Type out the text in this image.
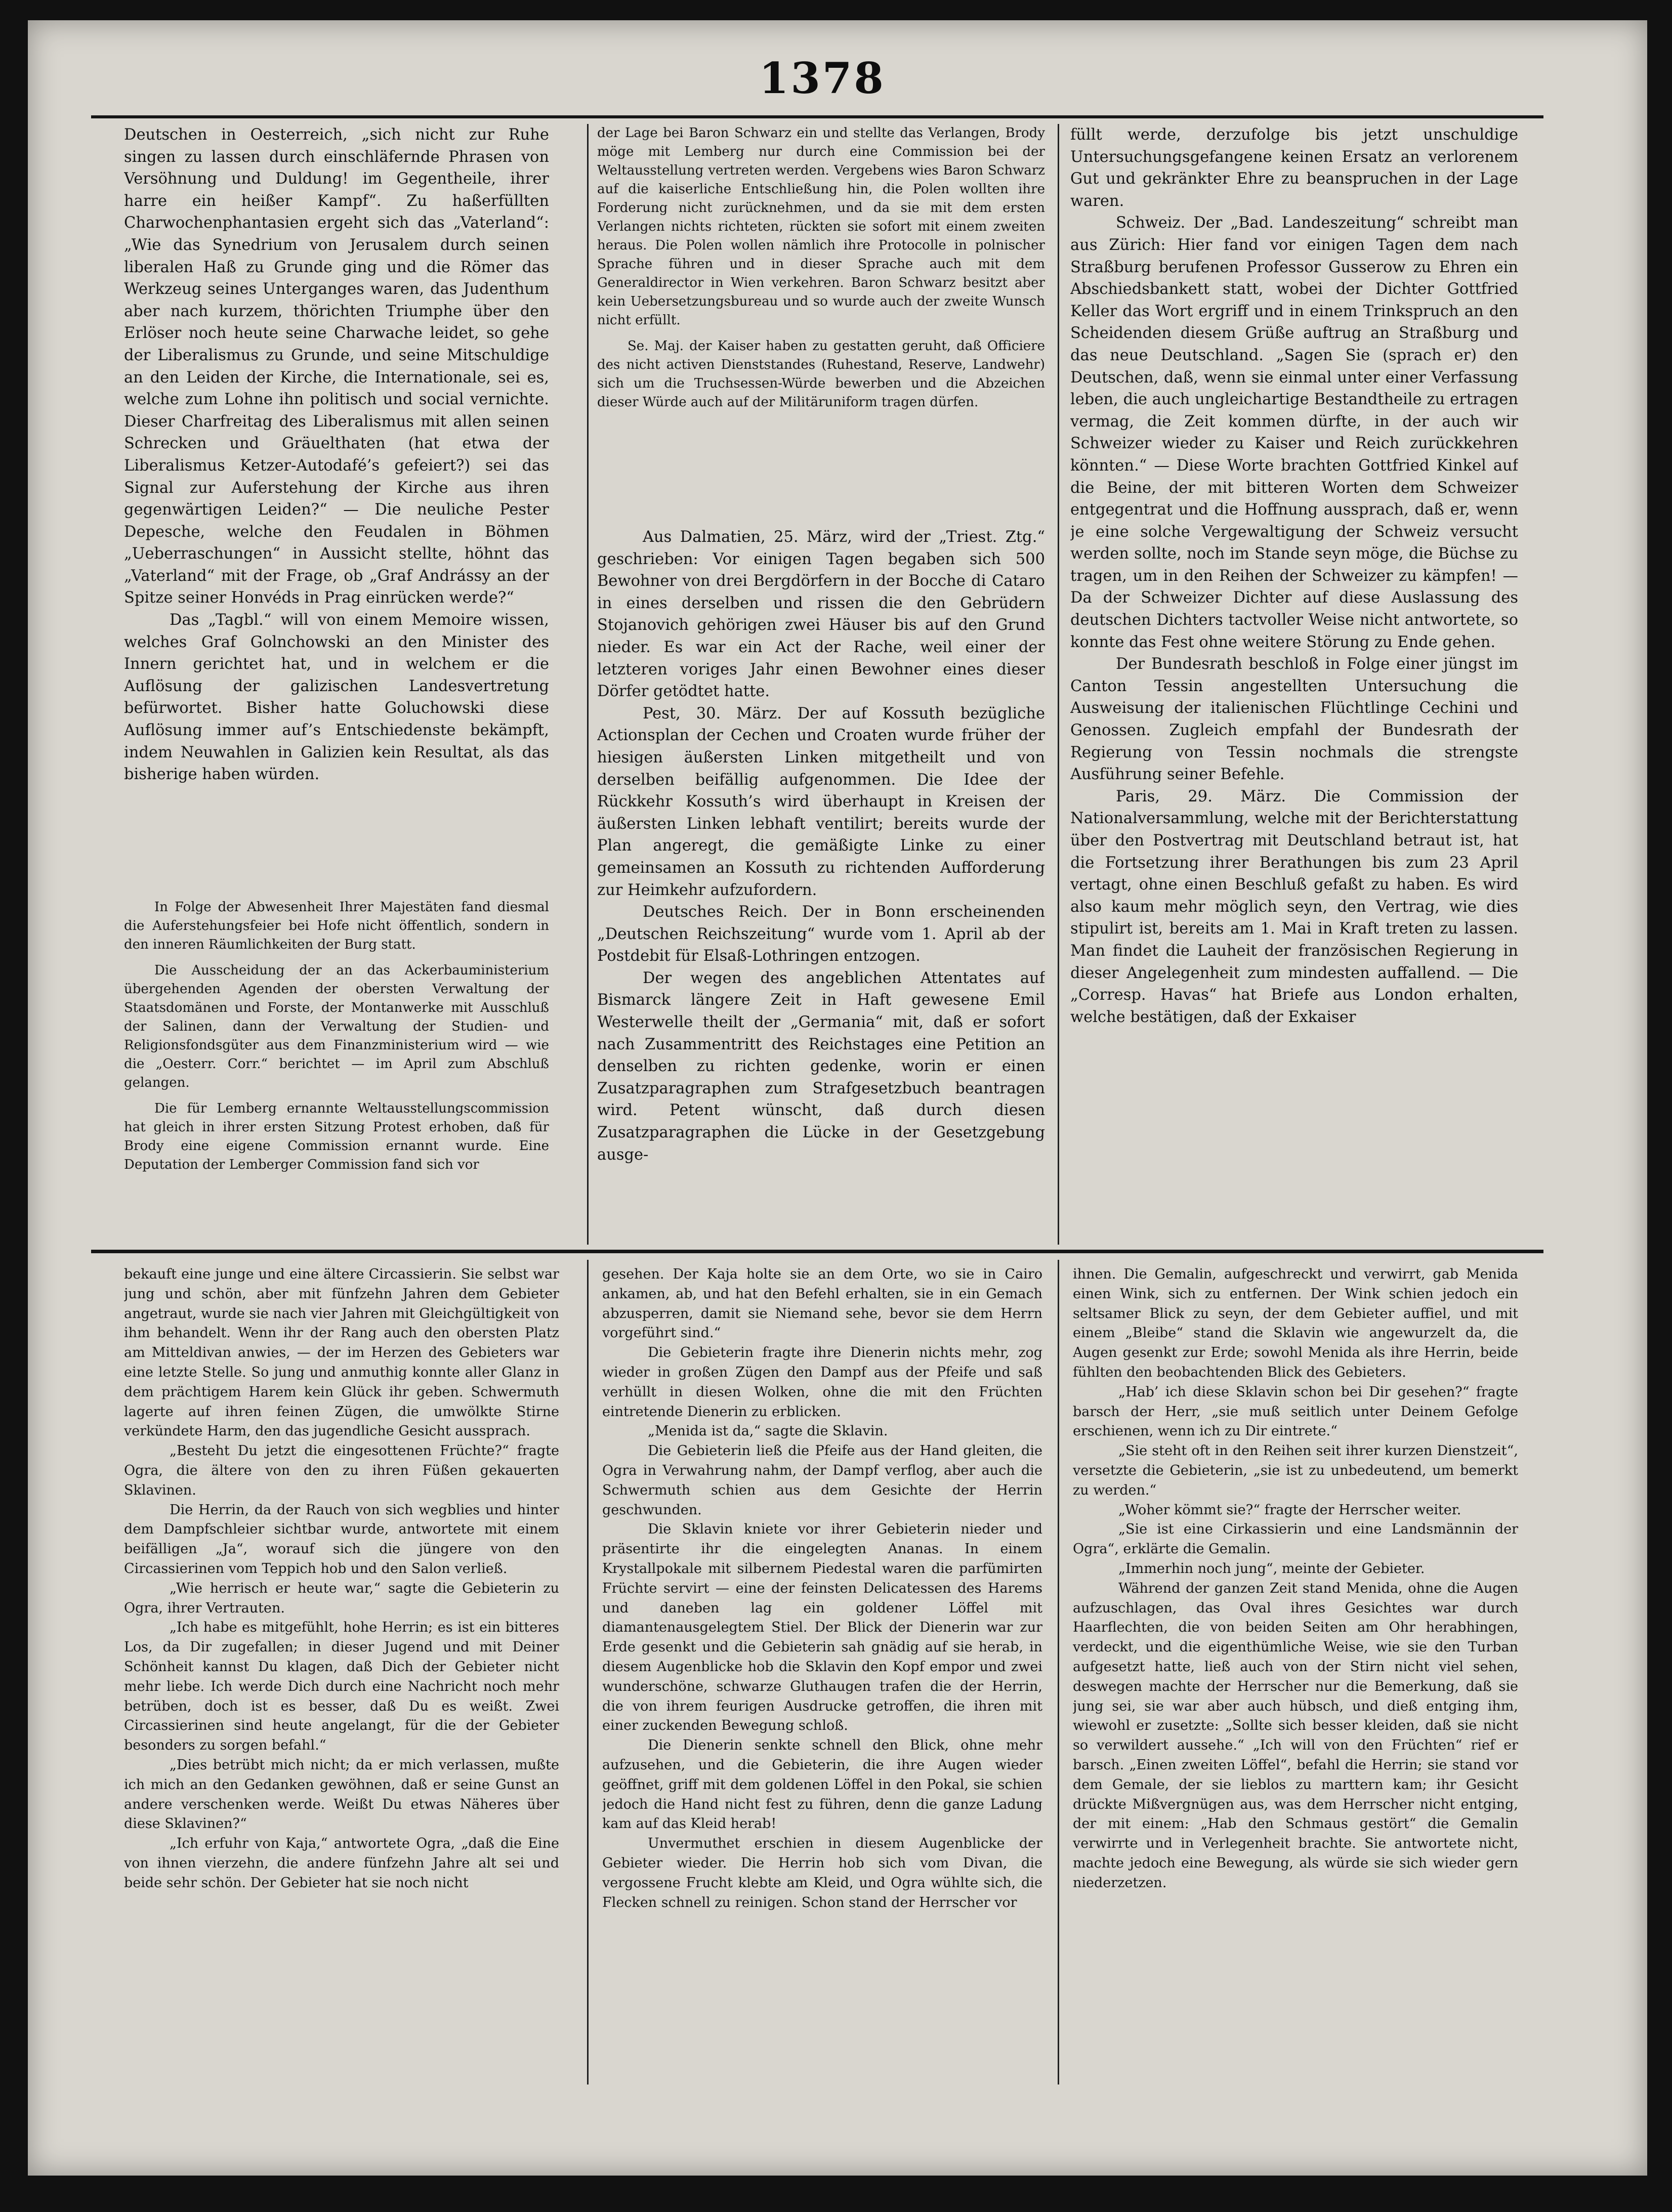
1378

Deutschen in Oesterreich, „sich nicht zur Ruhe singen zu lassen durch einschläfernde Phrasen von Versöhnung und Duldung! im Gegentheile, ihrer harre ein heißer Kampf“. Zu haßerfüllten Charwochenphantasien ergeht sich das „Vaterland“: „Wie das Synedrium von Jerusalem durch seinen liberalen Haß zu Grunde ging und die Römer das Werkzeug seines Unterganges waren, das Judenthum aber nach kurzem, thörichten Triumphe über den Erlöser noch heute seine Charwache leidet, so gehe der Liberalismus zu Grunde, und seine Mitschuldige an den Leiden der Kirche, die Internationale, sei es, welche zum Lohne ihn politisch und social vernichte. Dieser Charfreitag des Liberalismus mit allen seinen Schrecken und Gräuelthaten (hat etwa der Liberalismus Ketzer-Autodafé’s gefeiert?) sei das Signal zur Auferstehung der Kirche aus ihren gegenwärtigen Leiden?“ — Die neuliche Pester Depesche, welche den Feudalen in Böhmen „Ueberraschungen“ in Aussicht stellte, höhnt das „Vaterland“ mit der Frage, ob „Graf Andrássy an der Spitze seiner Honvéds in Prag einrücken werde?“

Das „Tagbl.“ will von einem Memoire wissen, welches Graf Golnchowski an den Minister des Innern gerichtet hat, und in welchem er die Auflösung der galizischen Landesvertretung befürwortet. Bisher hatte Goluchowski diese Auflösung immer auf’s Entschiedenste bekämpft, indem Neuwahlen in Galizien kein Resultat, als das bisherige haben würden.

In Folge der Abwesenheit Ihrer Majestäten fand diesmal die Auferstehungsfeier bei Hofe nicht öffentlich, sondern in den inneren Räumlichkeiten der Burg statt.

Die Ausscheidung der an das Ackerbauministerium übergehenden Agenden der obersten Verwaltung der Staatsdomänen und Forste, der Montanwerke mit Ausschluß der Salinen, dann der Verwaltung der Studien- und Religionsfondsgüter aus dem Finanzministerium wird — wie die „Oesterr. Corr.“ berichtet — im April zum Abschluß gelangen.

Die für Lemberg ernannte Weltausstellungscommission hat gleich in ihrer ersten Sitzung Protest erhoben, daß für Brody eine eigene Commission ernannt wurde. Eine Deputation der Lemberger Commission fand sich vor

der Lage bei Baron Schwarz ein und stellte das Verlangen, Brody möge mit Lemberg nur durch eine Commission bei der Weltausstellung vertreten werden. Vergebens wies Baron Schwarz auf die kaiserliche Entschließung hin, die Polen wollten ihre Forderung nicht zurücknehmen, und da sie mit dem ersten Verlangen nichts richteten, rückten sie sofort mit einem zweiten heraus. Die Polen wollen nämlich ihre Protocolle in polnischer Sprache führen und in dieser Sprache auch mit dem Generaldirector in Wien verkehren. Baron Schwarz besitzt aber kein Uebersetzungsbureau und so wurde auch der zweite Wunsch nicht erfüllt.

Se. Maj. der Kaiser haben zu gestatten geruht, daß Officiere des nicht activen Dienststandes (Ruhestand, Reserve, Landwehr) sich um die Truchsessen-Würde bewerben und die Abzeichen dieser Würde auch auf der Militäruniform tragen dürfen.

Aus Dalmatien, 25. März, wird der „Triest. Ztg.“ geschrieben: Vor einigen Tagen begaben sich 500 Bewohner von drei Bergdörfern in der Bocche di Cataro in eines derselben und rissen die den Gebrüdern Stojanovich gehörigen zwei Häuser bis auf den Grund nieder. Es war ein Act der Rache, weil einer der letzteren voriges Jahr einen Bewohner eines dieser Dörfer getödtet hatte.

Pest, 30. März. Der auf Kossuth bezügliche Actionsplan der Cechen und Croaten wurde früher der hiesigen äußersten Linken mitgetheilt und von derselben beifällig aufgenommen. Die Idee der Rückkehr Kossuth’s wird überhaupt in Kreisen der äußersten Linken lebhaft ventilirt; bereits wurde der Plan angeregt, die gemäßigte Linke zu einer gemeinsamen an Kossuth zu richtenden Aufforderung zur Heimkehr aufzufordern.

Deutsches Reich. Der in Bonn erscheinenden „Deutschen Reichszeitung“ wurde vom 1. April ab der Postdebit für Elsaß-Lothringen entzogen.

Der wegen des angeblichen Attentates auf Bismarck längere Zeit in Haft gewesene Emil Westerwelle theilt der „Germania“ mit, daß er sofort nach Zusammentritt des Reichstages eine Petition an denselben zu richten gedenke, worin er einen Zusatzparagraphen zum Strafgesetzbuch beantragen wird. Petent wünscht, daß durch diesen Zusatzparagraphen die Lücke in der Gesetzgebung ausge-

füllt werde, derzufolge bis jetzt unschuldige Untersuchungsgefangene keinen Ersatz an verlorenem Gut und gekränkter Ehre zu beanspruchen in der Lage waren.

Schweiz. Der „Bad. Landeszeitung“ schreibt man aus Zürich: Hier fand vor einigen Tagen dem nach Straßburg berufenen Professor Gusserow zu Ehren ein Abschiedsbankett statt, wobei der Dichter Gottfried Keller das Wort ergriff und in einem Trinkspruch an den Scheidenden diesem Grüße auftrug an Straßburg und das neue Deutschland. „Sagen Sie (sprach er) den Deutschen, daß, wenn sie einmal unter einer Verfassung leben, die auch ungleichartige Bestandtheile zu ertragen vermag, die Zeit kommen dürfte, in der auch wir Schweizer wieder zu Kaiser und Reich zurückkehren könnten.“ — Diese Worte brachten Gottfried Kinkel auf die Beine, der mit bitteren Worten dem Schweizer entgegentrat und die Hoffnung aussprach, daß er, wenn je eine solche Vergewaltigung der Schweiz versucht werden sollte, noch im Stande seyn möge, die Büchse zu tragen, um in den Reihen der Schweizer zu kämpfen! — Da der Schweizer Dichter auf diese Auslassung des deutschen Dichters tactvoller Weise nicht antwortete, so konnte das Fest ohne weitere Störung zu Ende gehen.

Der Bundesrath beschloß in Folge einer jüngst im Canton Tessin angestellten Untersuchung die Ausweisung der italienischen Flüchtlinge Cechini und Genossen. Zugleich empfahl der Bundesrath der Regierung von Tessin nochmals die strengste Ausführung seiner Befehle.

Paris, 29. März. Die Commission der Nationalversammlung, welche mit der Berichterstattung über den Postvertrag mit Deutschland betraut ist, hat die Fortsetzung ihrer Berathungen bis zum 23 April vertagt, ohne einen Beschluß gefaßt zu haben. Es wird also kaum mehr möglich seyn, den Vertrag, wie dies stipulirt ist, bereits am 1. Mai in Kraft treten zu lassen. Man findet die Lauheit der französischen Regierung in dieser Angelegenheit zum mindesten auffallend. — Die „Corresp. Havas“ hat Briefe aus London erhalten, welche bestätigen, daß der Exkaiser

bekauft eine junge und eine ältere Circassierin. Sie selbst war jung und schön, aber mit fünfzehn Jahren dem Gebieter angetraut, wurde sie nach vier Jahren mit Gleichgültigkeit von ihm behandelt. Wenn ihr der Rang auch den obersten Platz am Mitteldivan anwies, — der im Herzen des Gebieters war eine letzte Stelle. So jung und anmuthig konnte aller Glanz in dem prächtigem Harem kein Glück ihr geben. Schwermuth lagerte auf ihren feinen Zügen, die umwölkte Stirne verkündete Harm, den das jugendliche Gesicht aussprach.

„Besteht Du jetzt die eingesottenen Früchte?“ fragte Ogra, die ältere von den zu ihren Füßen gekauerten Sklavinen.

Die Herrin, da der Rauch von sich wegblies und hinter dem Dampfschleier sichtbar wurde, antwortete mit einem beifälligen „Ja“, worauf sich die jüngere von den Circassierinen vom Teppich hob und den Salon verließ.

„Wie herrisch er heute war,“ sagte die Gebieterin zu Ogra, ihrer Vertrauten.

„Ich habe es mitgefühlt, hohe Herrin; es ist ein bitteres Los, da Dir zugefallen; in dieser Jugend und mit Deiner Schönheit kannst Du klagen, daß Dich der Gebieter nicht mehr liebe. Ich werde Dich durch eine Nachricht noch mehr betrüben, doch ist es besser, daß Du es weißt. Zwei Circassierinen sind heute angelangt, für die der Gebieter besonders zu sorgen befahl.“

„Dies betrübt mich nicht; da er mich verlassen, mußte ich mich an den Gedanken gewöhnen, daß er seine Gunst an andere verschenken werde. Weißt Du etwas Näheres über diese Sklavinen?“

„Ich erfuhr von Kaja,“ antwortete Ogra, „daß die Eine von ihnen vierzehn, die andere fünfzehn Jahre alt sei und beide sehr schön. Der Gebieter hat sie noch nicht

gesehen. Der Kaja holte sie an dem Orte, wo sie in Cairo ankamen, ab, und hat den Befehl erhalten, sie in ein Gemach abzusperren, damit sie Niemand sehe, bevor sie dem Herrn vorgeführt sind.“

Die Gebieterin fragte ihre Dienerin nichts mehr, zog wieder in großen Zügen den Dampf aus der Pfeife und saß verhüllt in diesen Wolken, ohne die mit den Früchten eintretende Dienerin zu erblicken.

„Menida ist da,“ sagte die Sklavin.

Die Gebieterin ließ die Pfeife aus der Hand gleiten, die Ogra in Verwahrung nahm, der Dampf verflog, aber auch die Schwermuth schien aus dem Gesichte der Herrin geschwunden.

Die Sklavin kniete vor ihrer Gebieterin nieder und präsentirte ihr die eingelegten Ananas. In einem Krystallpokale mit silbernem Piedestal waren die parfümirten Früchte servirt — eine der feinsten Delicatessen des Harems und daneben lag ein goldener Löffel mit diamantenausgelegtem Stiel. Der Blick der Dienerin war zur Erde gesenkt und die Gebieterin sah gnädig auf sie herab, in diesem Augenblicke hob die Sklavin den Kopf empor und zwei wunderschöne, schwarze Gluthaugen trafen die der Herrin, die von ihrem feurigen Ausdrucke getroffen, die ihren mit einer zuckenden Bewegung schloß.

Die Dienerin senkte schnell den Blick, ohne mehr aufzusehen, und die Gebieterin, die ihre Augen wieder geöffnet, griff mit dem goldenen Löffel in den Pokal, sie schien jedoch die Hand nicht fest zu führen, denn die ganze Ladung kam auf das Kleid herab!

Unvermuthet erschien in diesem Augenblicke der Gebieter wieder. Die Herrin hob sich vom Divan, die vergossene Frucht klebte am Kleid, und Ogra wühlte sich, die Flecken schnell zu reinigen. Schon stand der Herrscher vor

ihnen. Die Gemalin, aufgeschreckt und verwirrt, gab Menida einen Wink, sich zu entfernen. Der Wink schien jedoch ein seltsamer Blick zu seyn, der dem Gebieter auffiel, und mit einem „Bleibe“ stand die Sklavin wie angewurzelt da, die Augen gesenkt zur Erde; sowohl Menida als ihre Herrin, beide fühlten den beobachtenden Blick des Gebieters.

„Hab’ ich diese Sklavin schon bei Dir gesehen?“ fragte barsch der Herr, „sie muß seitlich unter Deinem Gefolge erschienen, wenn ich zu Dir eintrete.“

„Sie steht oft in den Reihen seit ihrer kurzen Dienstzeit“, versetzte die Gebieterin, „sie ist zu unbedeutend, um bemerkt zu werden.“

„Woher kömmt sie?“ fragte der Herrscher weiter.

„Sie ist eine Cirkassierin und eine Landsmännin der Ogra“, erklärte die Gemalin.

„Immerhin noch jung“, meinte der Gebieter.

Während der ganzen Zeit stand Menida, ohne die Augen aufzuschlagen, das Oval ihres Gesichtes war durch Haarflechten, die von beiden Seiten am Ohr herabhingen, verdeckt, und die eigenthümliche Weise, wie sie den Turban aufgesetzt hatte, ließ auch von der Stirn nicht viel sehen, deswegen machte der Herrscher nur die Bemerkung, daß sie jung sei, sie war aber auch hübsch, und dieß entging ihm, wiewohl er zusetzte: „Sollte sich besser kleiden, daß sie nicht so verwildert aussehe.“ „Ich will von den Früchten“ rief er barsch. „Einen zweiten Löffel“, befahl die Herrin; sie stand vor dem Gemale, der sie lieblos zu marttern kam; ihr Gesicht drückte Mißvergnügen aus, was dem Herrscher nicht entging, der mit einem: „Hab den Schmaus gestört“ die Gemalin verwirrte und in Verlegenheit brachte. Sie antwortete nicht, machte jedoch eine Bewegung, als würde sie sich wieder gern niederzetzen.
